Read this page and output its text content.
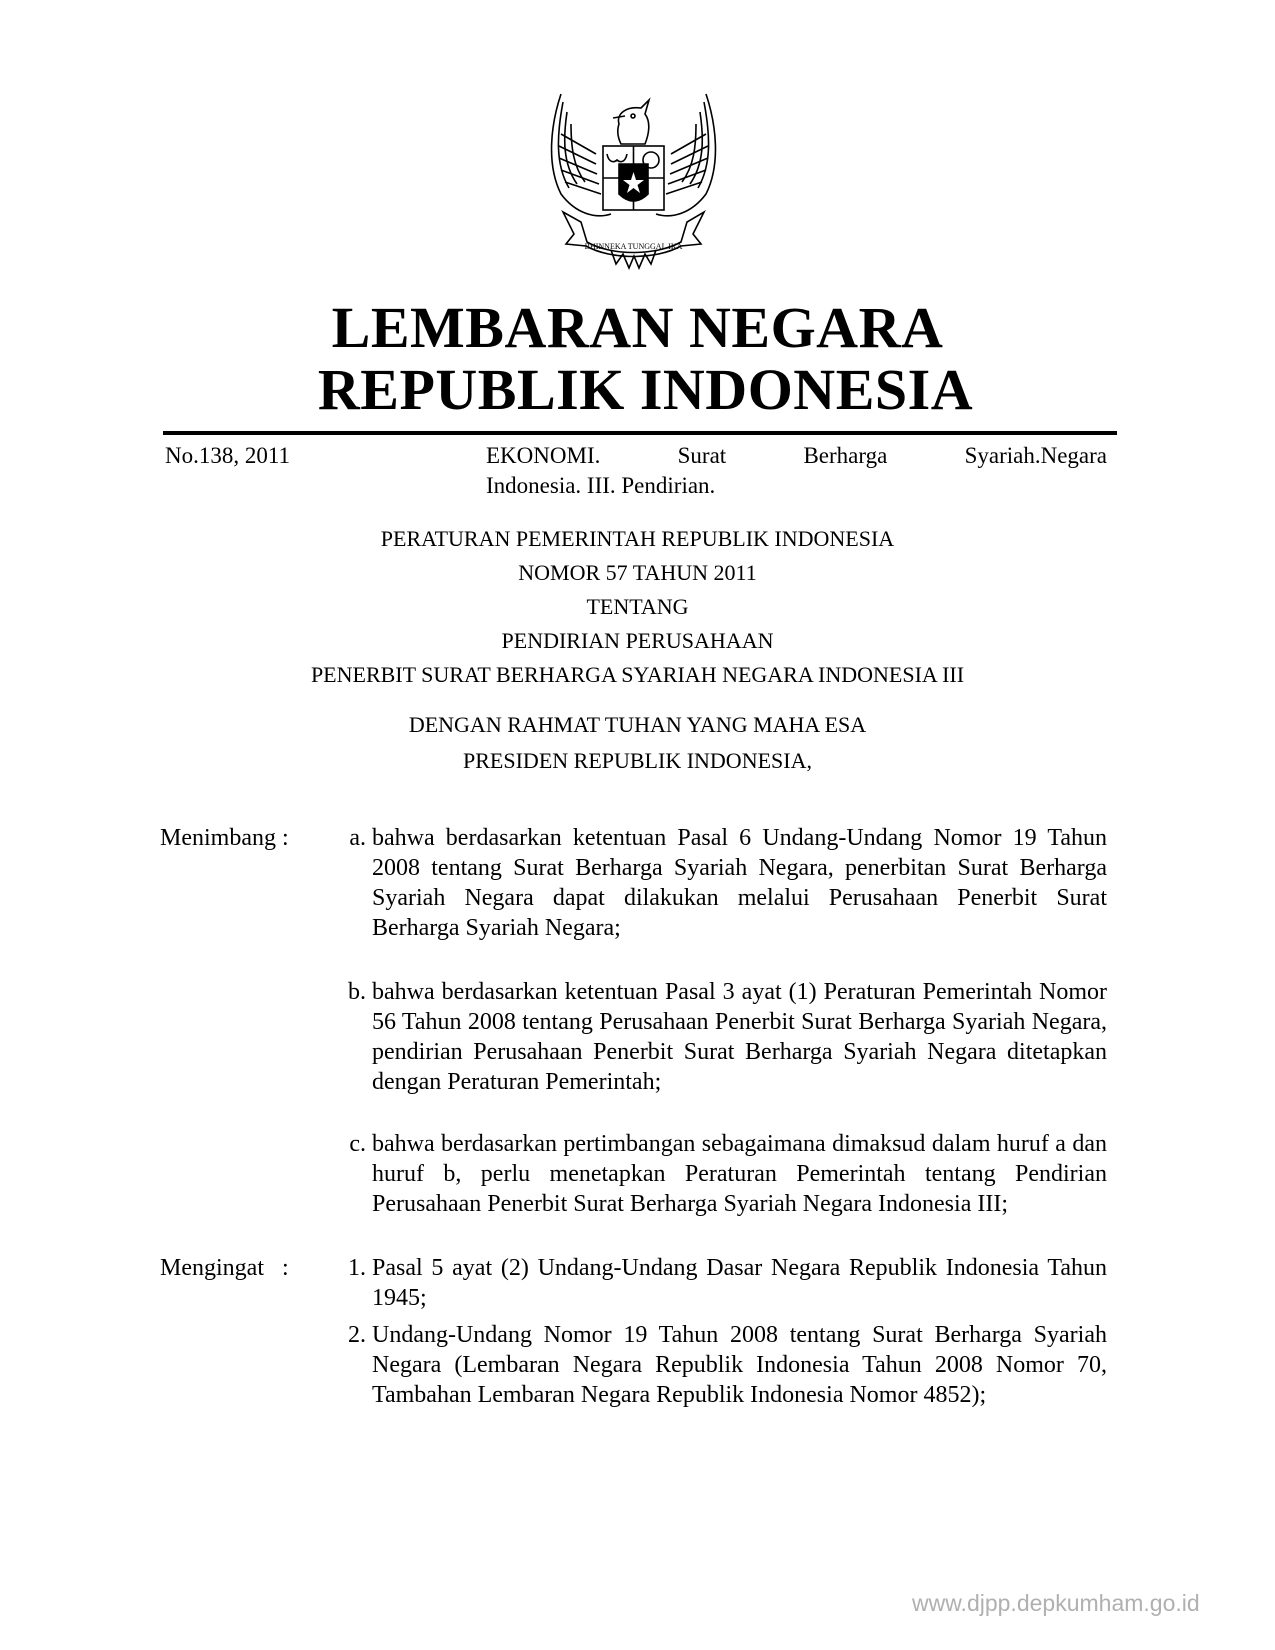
BHINNEKA TUNGGAL IKA
LEMBARAN NEGARA
REPUBLIK INDONESIA
No.138, 2011	EKONOMI.	Surat	Berharga	Syariah.Negara
Indonesia. III. Pendirian.
PERATURAN PEMERINTAH REPUBLIK INDONESIA
NOMOR 57 TAHUN 2011
TENTANG
PENDIRIAN PERUSAHAAN
PENERBIT SURAT BERHARGA SYARIAH NEGARA INDONESIA III
DENGAN RAHMAT TUHAN YANG MAHA ESA
PRESIDEN REPUBLIK INDONESIA,
Menimbang :	a. bahwa berdasarkan ketentuan Pasal 6 Undang-Undang Nomor 19 Tahun 2008 tentang Surat Berharga Syariah Negara, penerbitan Surat Berharga Syariah Negara dapat dilakukan melalui Perusahaan Penerbit Surat Berharga Syariah Negara;
b. bahwa berdasarkan ketentuan Pasal 3 ayat (1) Peraturan Pemerintah Nomor 56 Tahun 2008 tentang Perusahaan Penerbit Surat Berharga Syariah Negara, pendirian Perusahaan Penerbit Surat Berharga Syariah Negara ditetapkan dengan Peraturan Pemerintah;
c. bahwa berdasarkan pertimbangan sebagaimana dimaksud dalam huruf a dan huruf b, perlu menetapkan Peraturan Pemerintah tentang Pendirian Perusahaan Penerbit Surat Berharga Syariah Negara Indonesia III;
Mengingat :	1. Pasal 5 ayat (2) Undang-Undang Dasar Negara Republik Indonesia Tahun 1945;
2. Undang-Undang Nomor 19 Tahun 2008 tentang Surat Berharga Syariah Negara (Lembaran Negara Republik Indonesia Tahun 2008 Nomor 70, Tambahan Lembaran Negara Republik Indonesia Nomor 4852);
www.djpp.depkumham.go.id
